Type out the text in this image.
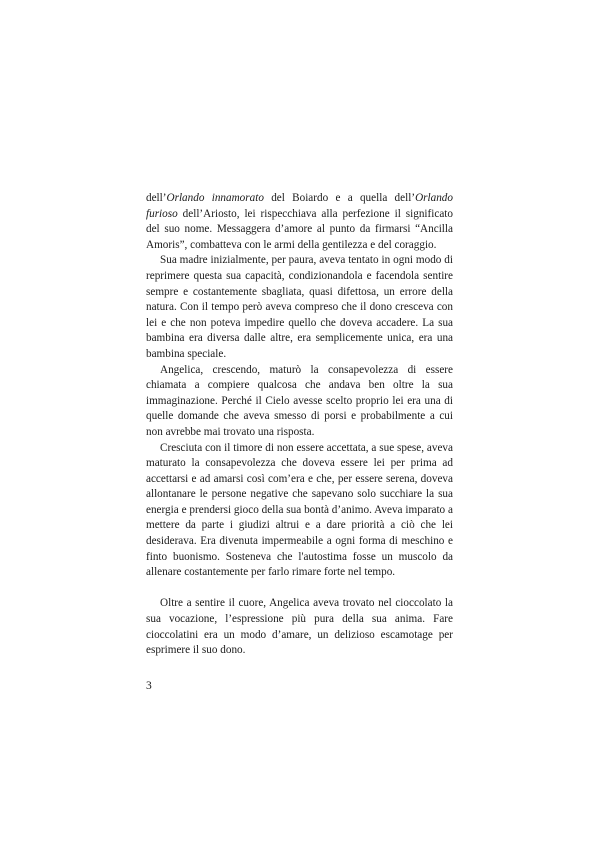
dell’Orlando innamorato del Boiardo e a quella dell’Orlando furioso dell’Ariosto, lei rispecchiava alla perfezione il significato del suo nome. Messaggera d’amore al punto da firmarsi “Ancilla Amoris”, combatteva con le armi della gentilezza e del coraggio.

Sua madre inizialmente, per paura, aveva tentato in ogni modo di reprimere questa sua capacità, condizionandola e facendola sentire sempre e costantemente sbagliata, quasi difettosa, un errore della natura. Con il tempo però aveva compreso che il dono cresceva con lei e che non poteva impedire quello che doveva accadere. La sua bambina era diversa dalle altre, era semplicemente unica, era una bambina speciale.

Angelica, crescendo, maturò la consapevolezza di essere chiamata a compiere qualcosa che andava ben oltre la sua immaginazione. Perché il Cielo avesse scelto proprio lei era una di quelle domande che aveva smesso di porsi e probabilmente a cui non avrebbe mai trovato una risposta.

Cresciuta con il timore di non essere accettata, a sue spese, aveva maturato la consapevolezza che doveva essere lei per prima ad accettarsi e ad amarsi così com’era e che, per essere serena, doveva allontanare le persone negative che sapevano solo succhiare la sua energia e prendersi gioco della sua bontà d’animo. Aveva imparato a mettere da parte i giudizi altrui e a dare priorità a ciò che lei desiderava. Era divenuta impermeabile a ogni forma di meschino e finto buonismo. Sosteneva che l'autostima fosse un muscolo da allenare costantemente per farlo rimare forte nel tempo.

Oltre a sentire il cuore, Angelica aveva trovato nel cioccolato la sua vocazione, l’espressione più pura della sua anima. Fare cioccolatini era un modo d’amare, un delizioso escamotage per esprimere il suo dono.

3
